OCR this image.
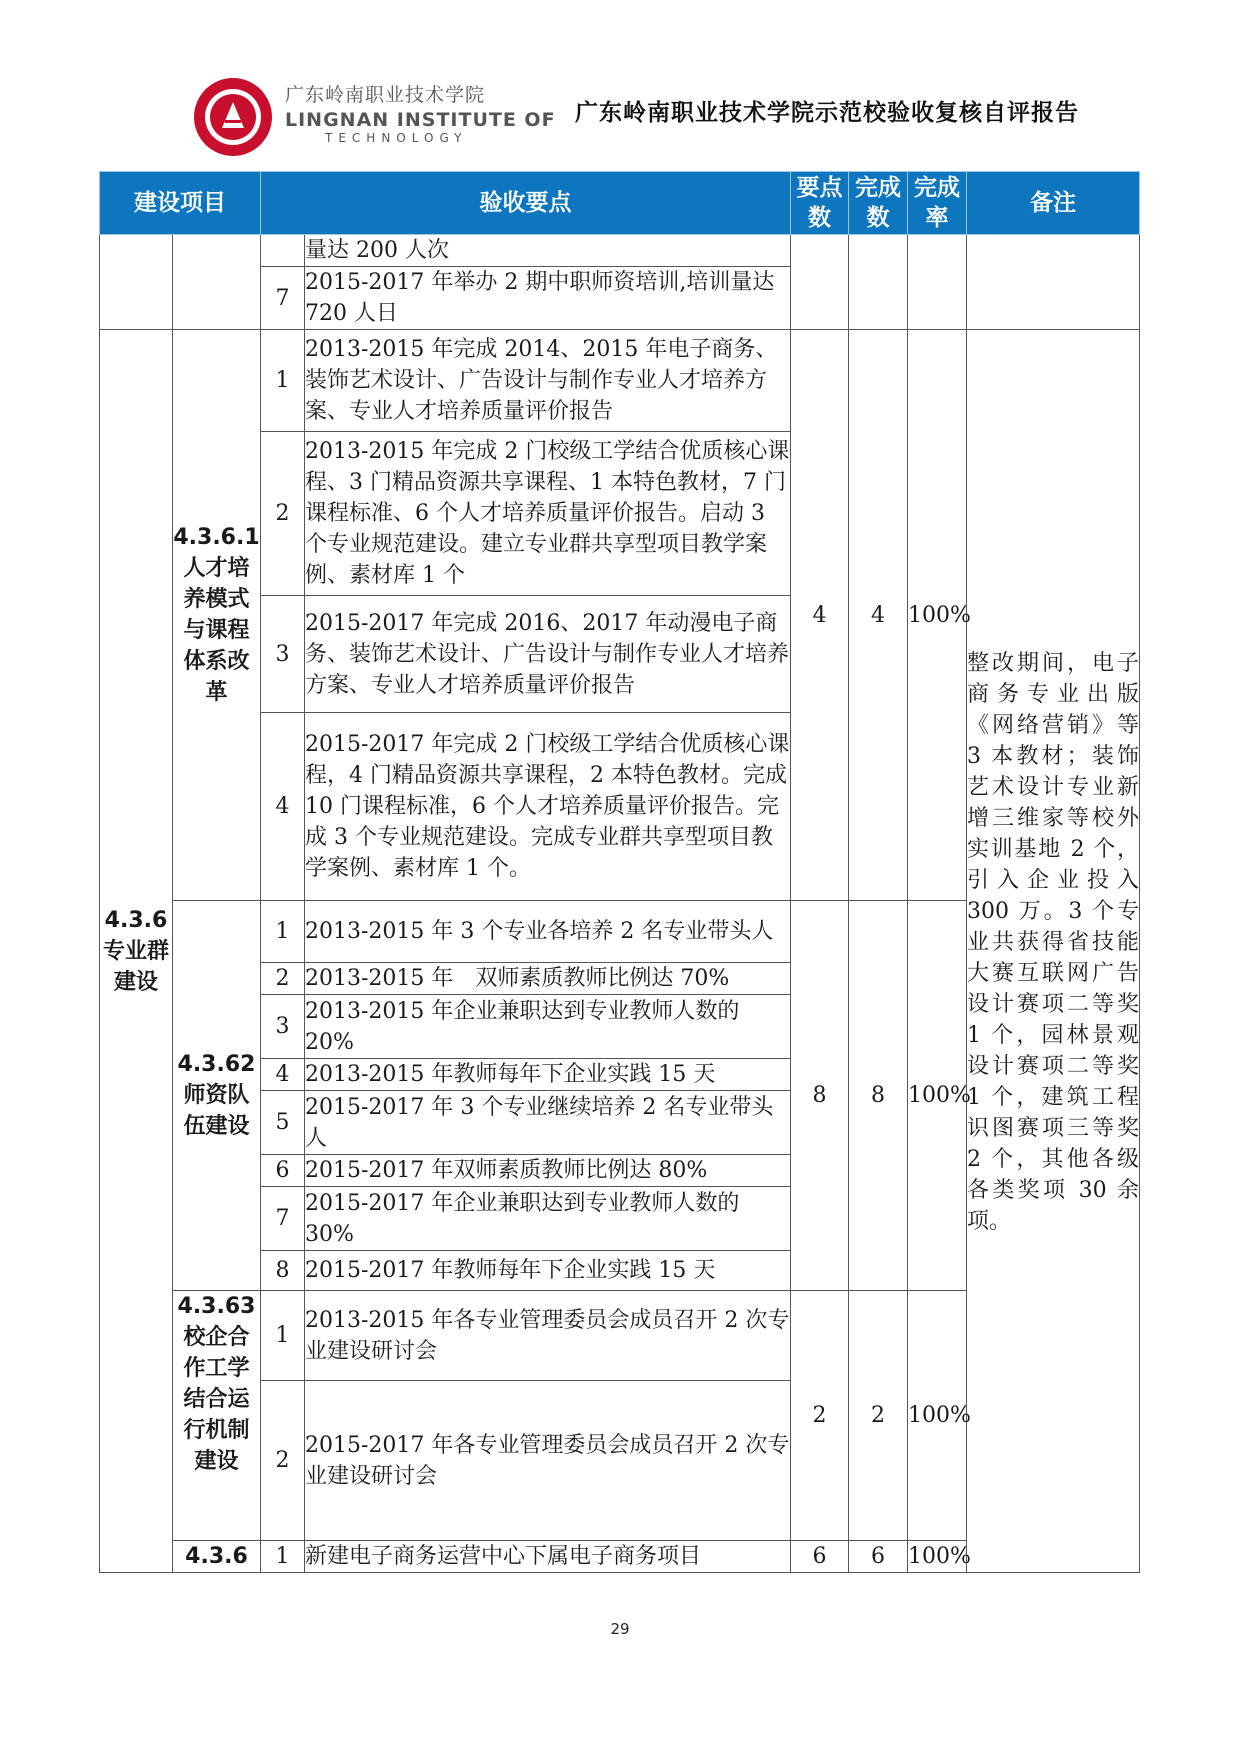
广东岭南职业技术学院
LINGNAN INSTITUTE OF
TECHNOLOGY
广东岭南职业技术学院示范校验收复核自评报告
建设项目		验收要点		要点数	完成数	完成率	备注	
			量达 200 人次					
		7	2015-2017 年举办 2 期中职师资培训,培训量达 720 人日					
4.3.6专业群建设	4.3.6.1人才培养模式与课程体系改革	1	2013-2015 年完成 2014、2015 年电子商务、装饰艺术设计、广告设计与制作专业人才培养方案、专业人才培养质量评价报告	4	4	100%	整改期间，电子商务专业出版《网络营销》等 3 本教材；装饰艺术设计专业新增三维家等校外实训基地 2 个，引入企业投入 300 万。3 个专业共获得省技能大赛互联网广告设计赛项二等奖 1 个，园林景观设计赛项二等奖 1 个，建筑工程识图赛项三等奖 2 个，其他各级各类奖项 30 余项。	

		2	2013-2015 年完成 2 门校级工学结合优质核心课程、3 门精品资源共享课程、1 本特色教材，7 门课程标准、6 个人才培养质量评价报告。启动 3 个专业规范建设。建立专业群共享型项目教学案例、素材库 1 个					
		3	2015-2017 年完成 2016、2017 年动漫电子商务、装饰艺术设计、广告设计与制作专业人才培养方案、专业人才培养质量评价报告					
		4	2015-2017 年完成 2 门校级工学结合优质核心课程，4 门精品资源共享课程，2 本特色教材。完成 10 门课程标准，6 个人才培养质量评价报告。完成 3 个专业规范建设。完成专业群共享型项目教学案例、素材库 1 个。					
	4.3.62师资队伍建设	1	2013-2015 年 3 个专业各培养 2 名专业带头人	8	8	100%		
		2	2013-2015 年　双师素质教师比例达 70%					
		3	2013-2015 年企业兼职达到专业教师人数的 20%					
		4	2013-2015 年教师每年下企业实践 15 天					
		5	2015-2017 年 3 个专业继续培养 2 名专业带头人					
		6	2015-2017 年双师素质教师比例达 80%					
		7	2015-2017 年企业兼职达到专业教师人数的 30%					
		8	2015-2017 年教师每年下企业实践 15 天					
	4.3.63校企合作工学结合运行机制建设	1	2013-2015 年各专业管理委员会成员召开 2 次专业建设研讨会	2	2	100%		
		2	2015-2017 年各专业管理委员会成员召开 2 次专业建设研讨会					
	4.3.6	1	新建电子商务运营中心下属电子商务项目	6	6	100%		
29
